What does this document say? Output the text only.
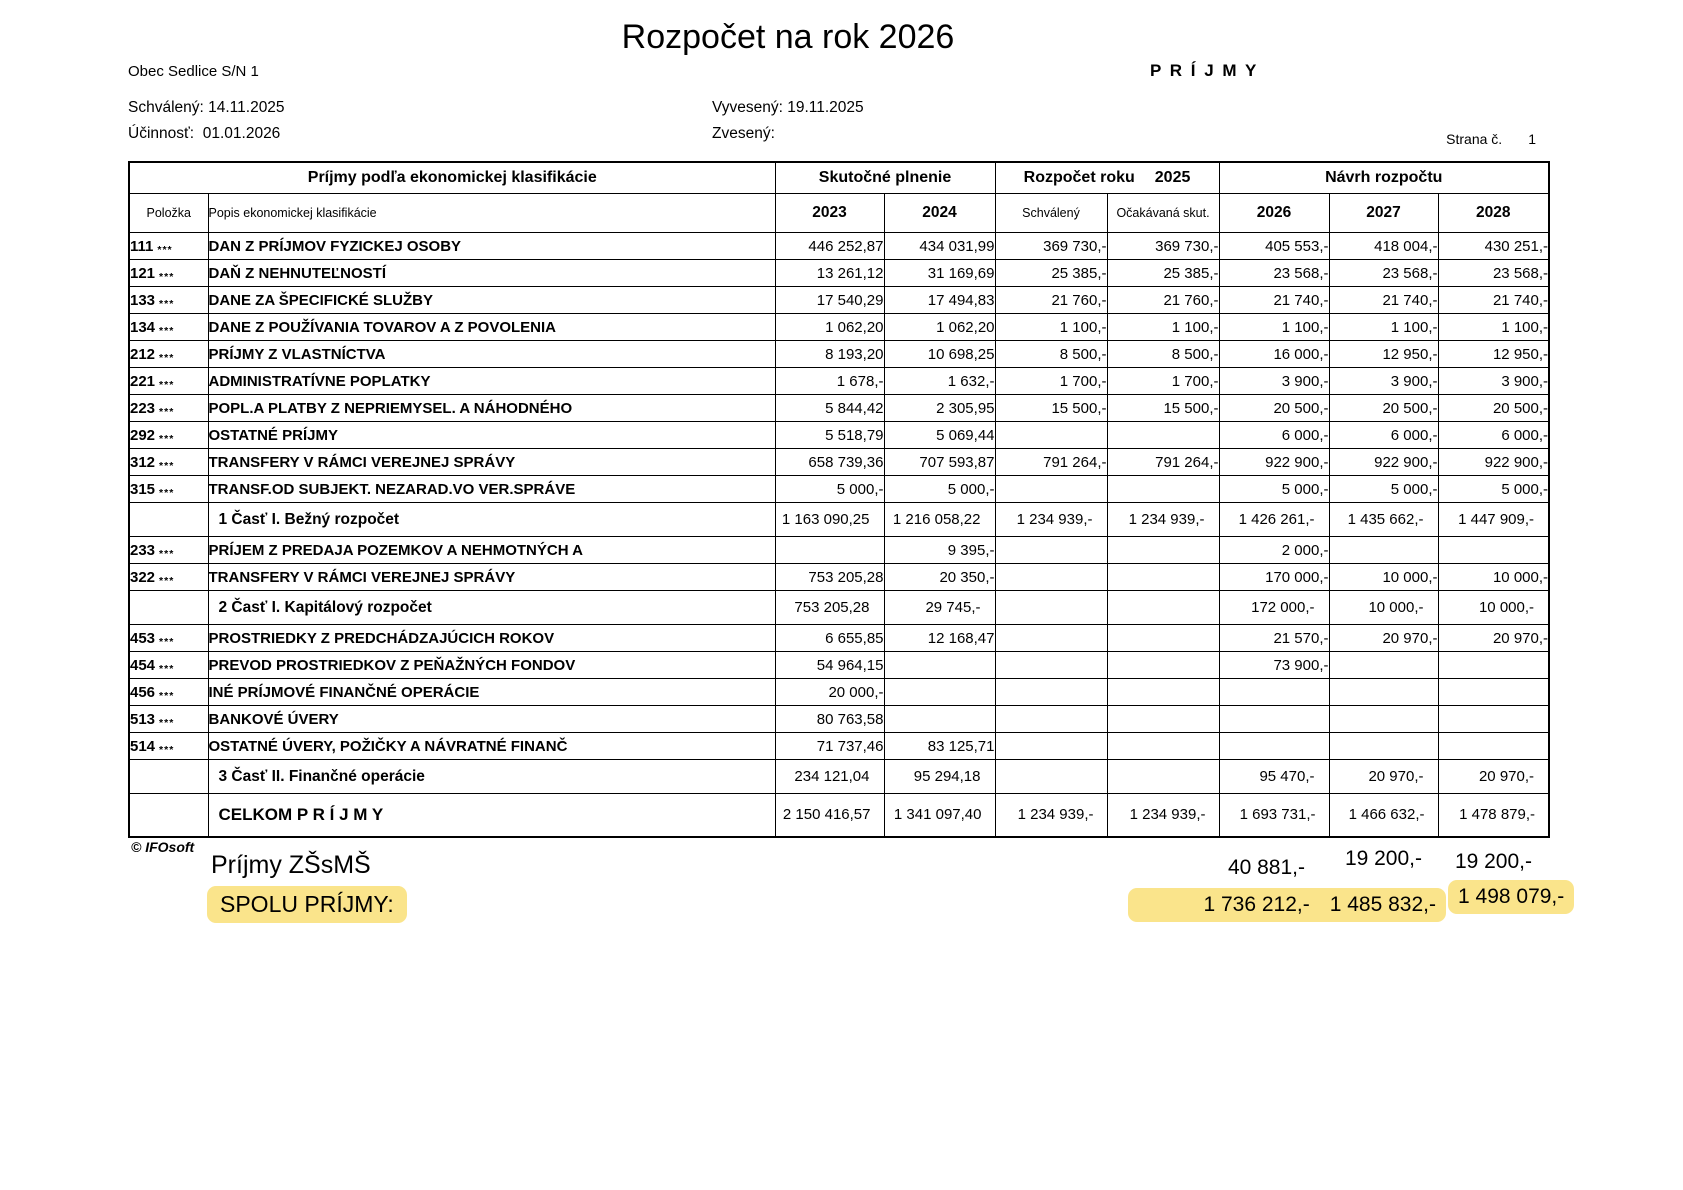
Rozpočet na rok 2026
Obec Sedlice S/N 1	P R Í J M Y
Schválený: 14.11.2025	Vyvesený: 19.11.2025
Účinnosť:  01.01.2026	Zvesený:	Strana č. 1
Príjmy podľa ekonomickej klasifikácie		Skutočné plnenie		Rozpočet roku 2025		Návrh rozpočtu		
Položka	Popis ekonomickej klasifikácie	2023	2024	Schválený	Očakávaná skut.	2026	2027	2028
111 ***	DAN Z PRÍJMOV FYZICKEJ OSOBY	446 252,87	434 031,99	369 730,-	369 730,-	405 553,-	418 004,-	430 251,-
121 ***	DAŇ Z NEHNUTEĽNOSTÍ	13 261,12	31 169,69	25 385,-	25 385,-	23 568,-	23 568,-	23 568,-
133 ***	DANE ZA ŠPECIFICKÉ SLUŽBY	17 540,29	17 494,83	21 760,-	21 760,-	21 740,-	21 740,-	21 740,-
134 ***	DANE Z POUŽÍVANIA TOVAROV A Z POVOLENIA	1 062,20	1 062,20	1 100,-	1 100,-	1 100,-	1 100,-	1 100,-
212 ***	PRÍJMY Z VLASTNÍCTVA	8 193,20	10 698,25	8 500,-	8 500,-	16 000,-	12 950,-	12 950,-
221 ***	ADMINISTRATÍVNE POPLATKY	1 678,-	1 632,-	1 700,-	1 700,-	3 900,-	3 900,-	3 900,-
223 ***	POPL.A PLATBY Z NEPRIEMYSEL. A NÁHODNÉHO	5 844,42	2 305,95	15 500,-	15 500,-	20 500,-	20 500,-	20 500,-
292 ***	OSTATNÉ PRÍJMY	5 518,79	5 069,44			6 000,-	6 000,-	6 000,-
312 ***	TRANSFERY V RÁMCI VEREJNEJ SPRÁVY	658 739,36	707 593,87	791 264,-	791 264,-	922 900,-	922 900,-	922 900,-
315 ***	TRANSF.OD SUBJEKT. NEZARAD.VO VER.SPRÁVE	5 000,-	5 000,-			5 000,-	5 000,-	5 000,-
	1 Časť I. Bežný rozpočet	1 163 090,25	1 216 058,22	1 234 939,-	1 234 939,-	1 426 261,-	1 435 662,-	1 447 909,-
233 ***	PRÍJEM Z PREDAJA POZEMKOV A NEHMOTNÝCH A		9 395,-			2 000,-		
322 ***	TRANSFERY V RÁMCI VEREJNEJ SPRÁVY	753 205,28	20 350,-			170 000,-	10 000,-	10 000,-
	2 Časť I. Kapitálový rozpočet	753 205,28	29 745,-			172 000,-	10 000,-	10 000,-
453 ***	PROSTRIEDKY Z PREDCHÁDZAJÚCICH ROKOV	6 655,85	12 168,47			21 570,-	20 970,-	20 970,-
454 ***	PREVOD PROSTRIEDKOV Z PEŇAŽNÝCH FONDOV	54 964,15				73 900,-		
456 ***	INÉ PRÍJMOVÉ FINANČNÉ OPERÁCIE	20 000,-						
513 ***	BANKOVÉ ÚVERY	80 763,58						
514 ***	OSTATNÉ ÚVERY, POŽIČKY A NÁVRATNÉ FINANČ	71 737,46	83 125,71					
	3 Časť II. Finančné operácie	234 121,04	95 294,18			95 470,-	20 970,-	20 970,-
	CELKOM P R Í J M Y	2 150 416,57	1 341 097,40	1 234 939,-	1 234 939,-	1 693 731,-	1 466 632,-	1 478 879,-
© IFOsoft
Príjmy ZŠsMŠ	40 881,-	19 200,-	19 200,-
SPOLU PRÍJMY:	1 736 212,- 1 485 832,- 1 498 079,-
